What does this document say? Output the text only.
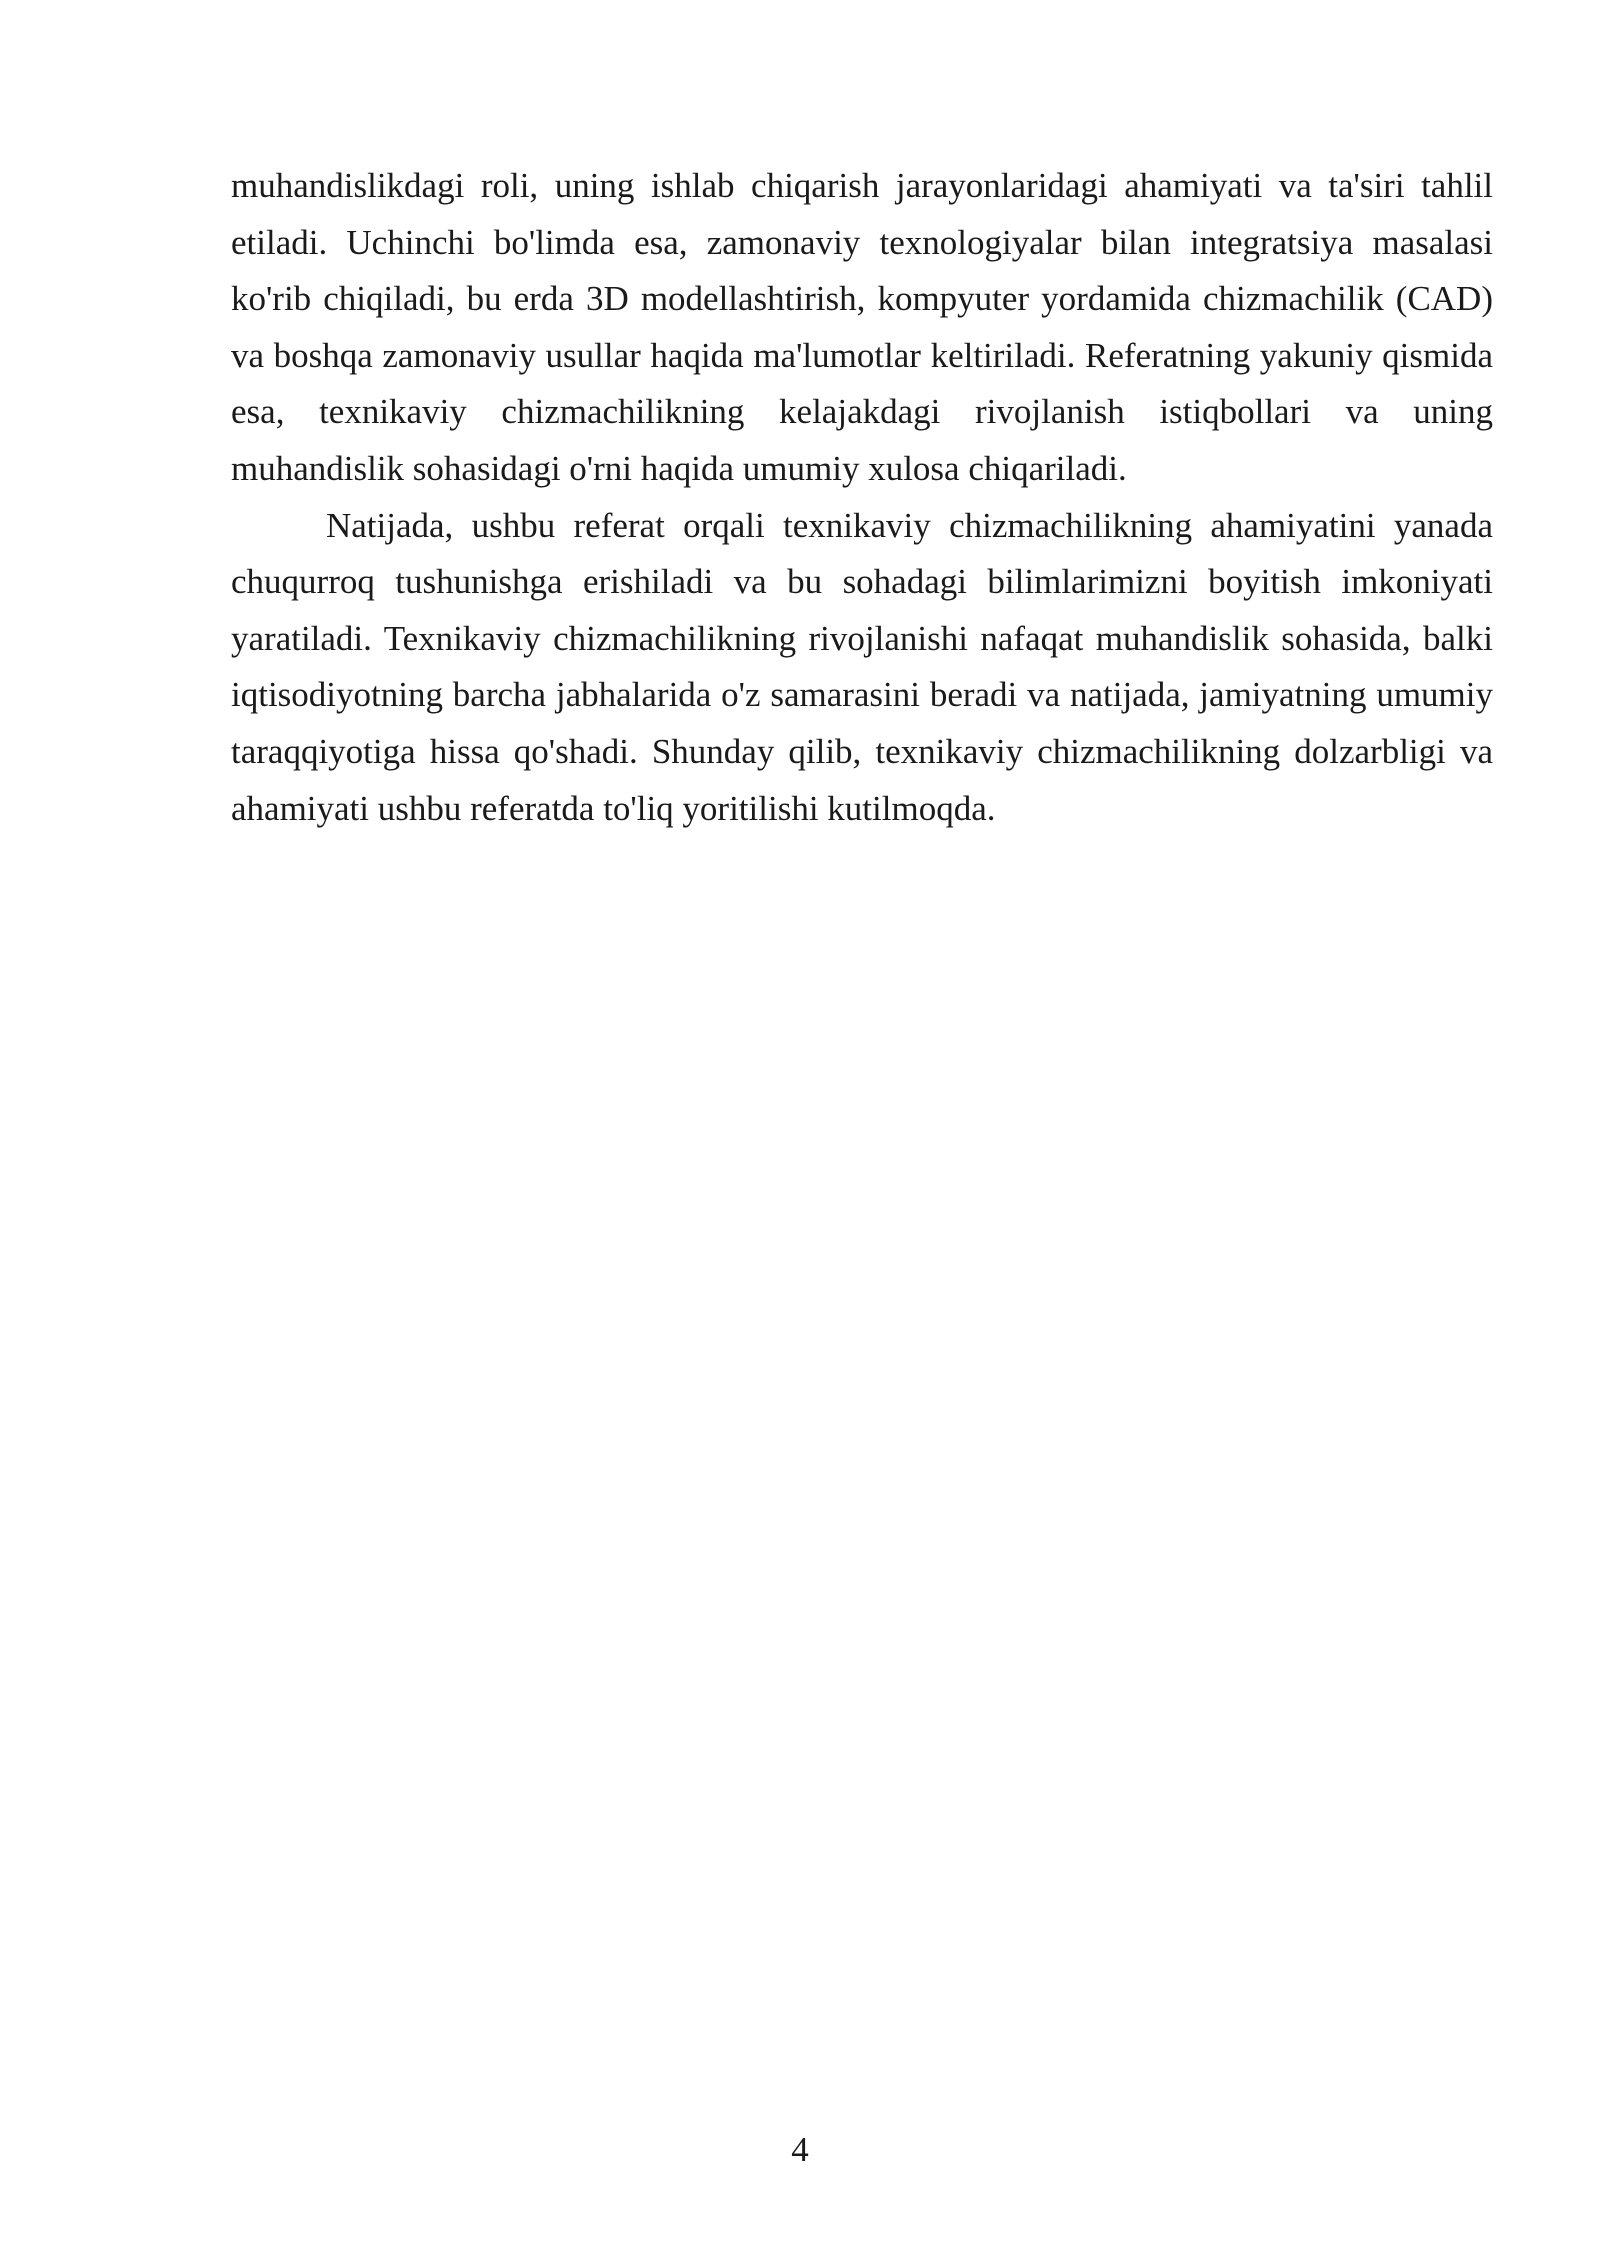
muhandislikdagi roli, uning ishlab chiqarish jarayonlaridagi ahamiyati va ta'siri tahlil etiladi. Uchinchi bo'limda esa, zamonaviy texnologiyalar bilan integratsiya masalasi ko'rib chiqiladi, bu erda 3D modellashtirish, kompyuter yordamida chizmachilik (CAD) va boshqa zamonaviy usullar haqida ma'lumotlar keltiriladi. Referatning yakuniy qismida esa, texnikaviy chizmachilikning kelajakdagi rivojlanish istiqbollari va uning muhandislik sohasidagi o'rni haqida umumiy xulosa chiqariladi.

Natijada, ushbu referat orqali texnikaviy chizmachilikning ahamiyatini yanada chuqurroq tushunishga erishiladi va bu sohadagi bilimlarimizni boyitish imkoniyati yaratiladi. Texnikaviy chizmachilikning rivojlanishi nafaqat muhandislik sohasida, balki iqtisodiyotning barcha jabhalarida o'z samarasini beradi va natijada, jamiyatning umumiy taraqqiyotiga hissa qo'shadi. Shunday qilib, texnikaviy chizmachilikning dolzarbligi va ahamiyati ushbu referatda to'liq yoritilishi kutilmoqda.

4
